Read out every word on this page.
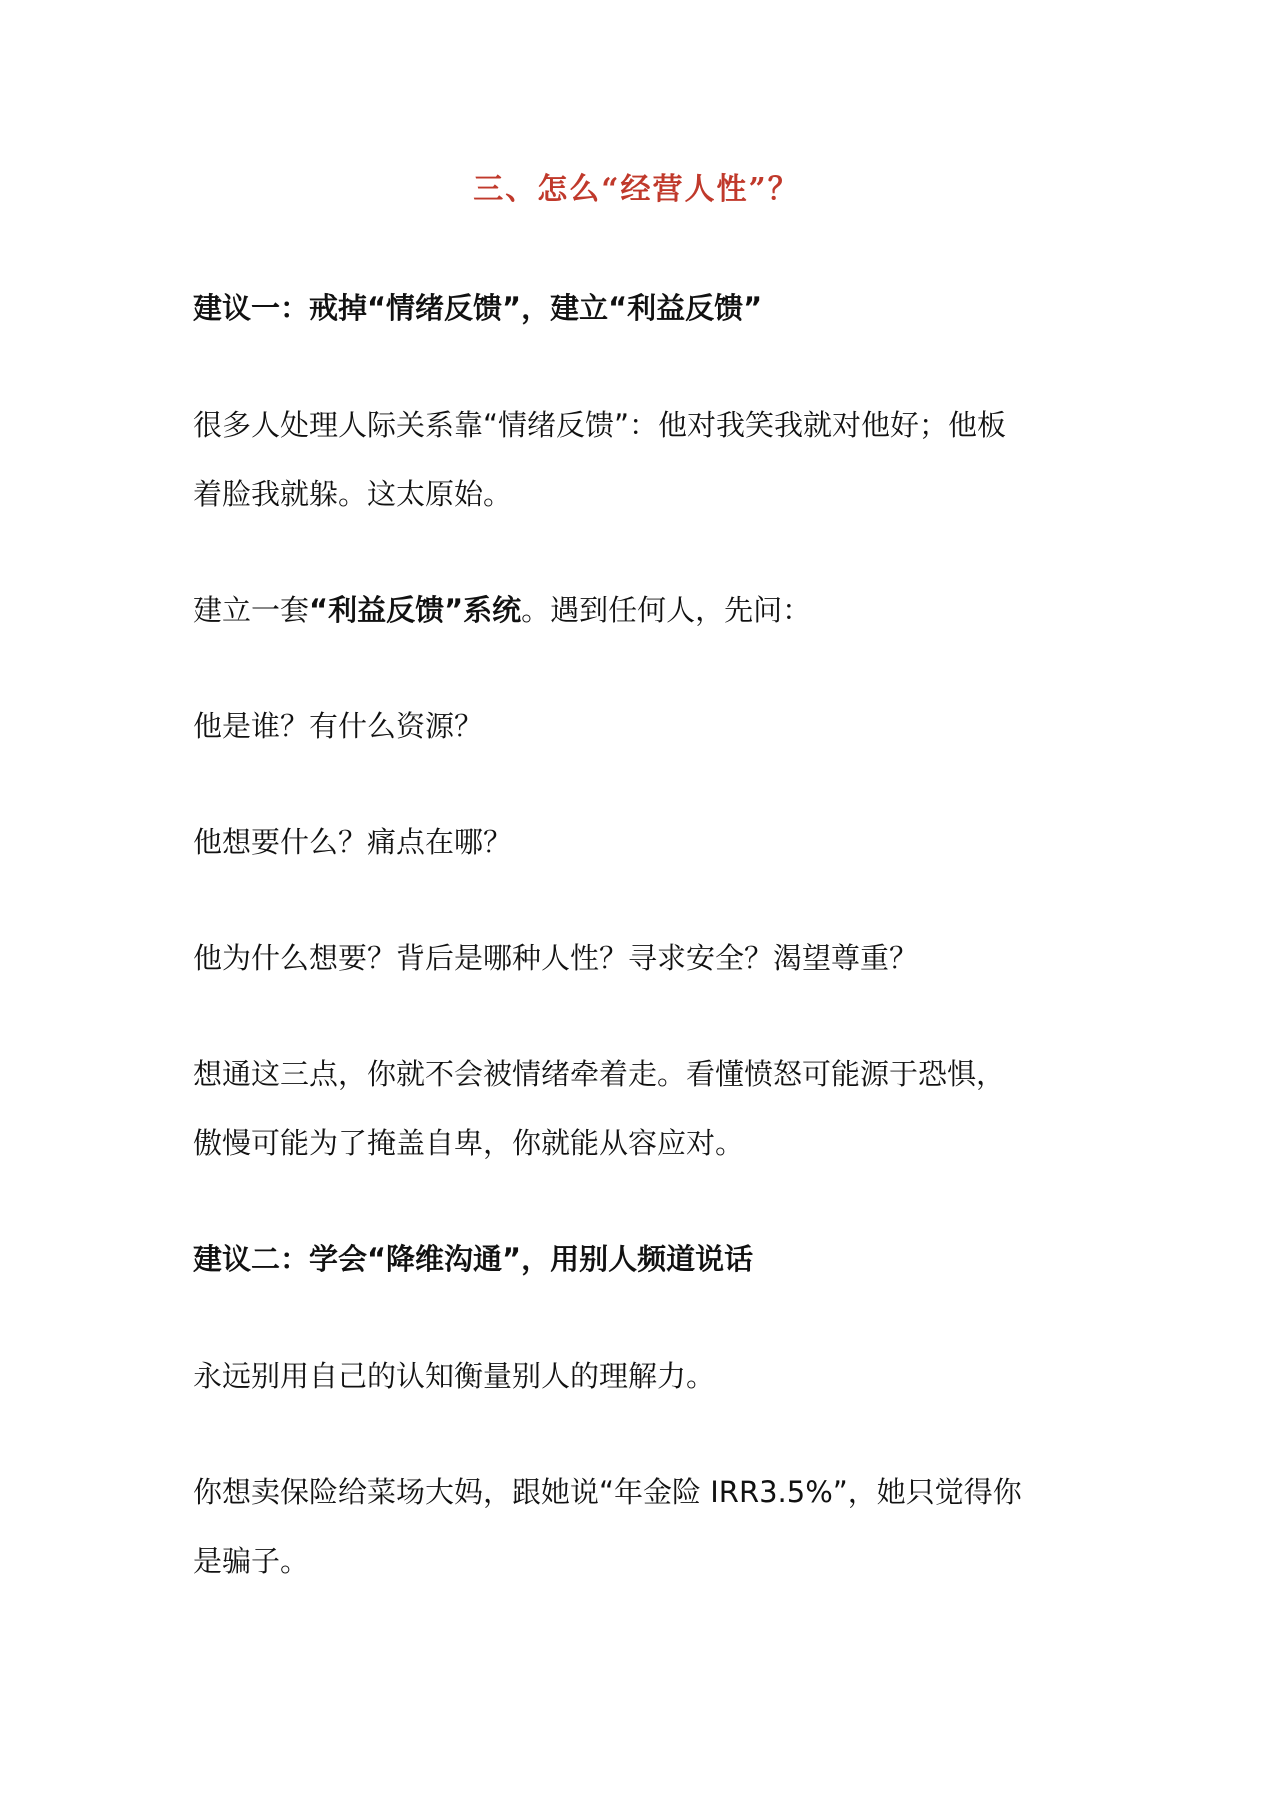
三、怎么“经营人性”？

建议一：戒掉“情绪反馈”，建立“利益反馈”

很多人处理人际关系靠“情绪反馈”：他对我笑我就对他好；他板

着脸我就躲。这太原始。

建立一套“利益反馈”系统。遇到任何人，先问：

他是谁？有什么资源？

他想要什么？痛点在哪？

他为什么想要？背后是哪种人性？寻求安全？渴望尊重？

想通这三点，你就不会被情绪牵着走。看懂愤怒可能源于恐惧，

傲慢可能为了掩盖自卑，你就能从容应对。

建议二：学会“降维沟通”，用别人频道说话

永远别用自己的认知衡量别人的理解力。

你想卖保险给菜场大妈，跟她说“年金险 IRR3.5%”，她只觉得你

是骗子。
